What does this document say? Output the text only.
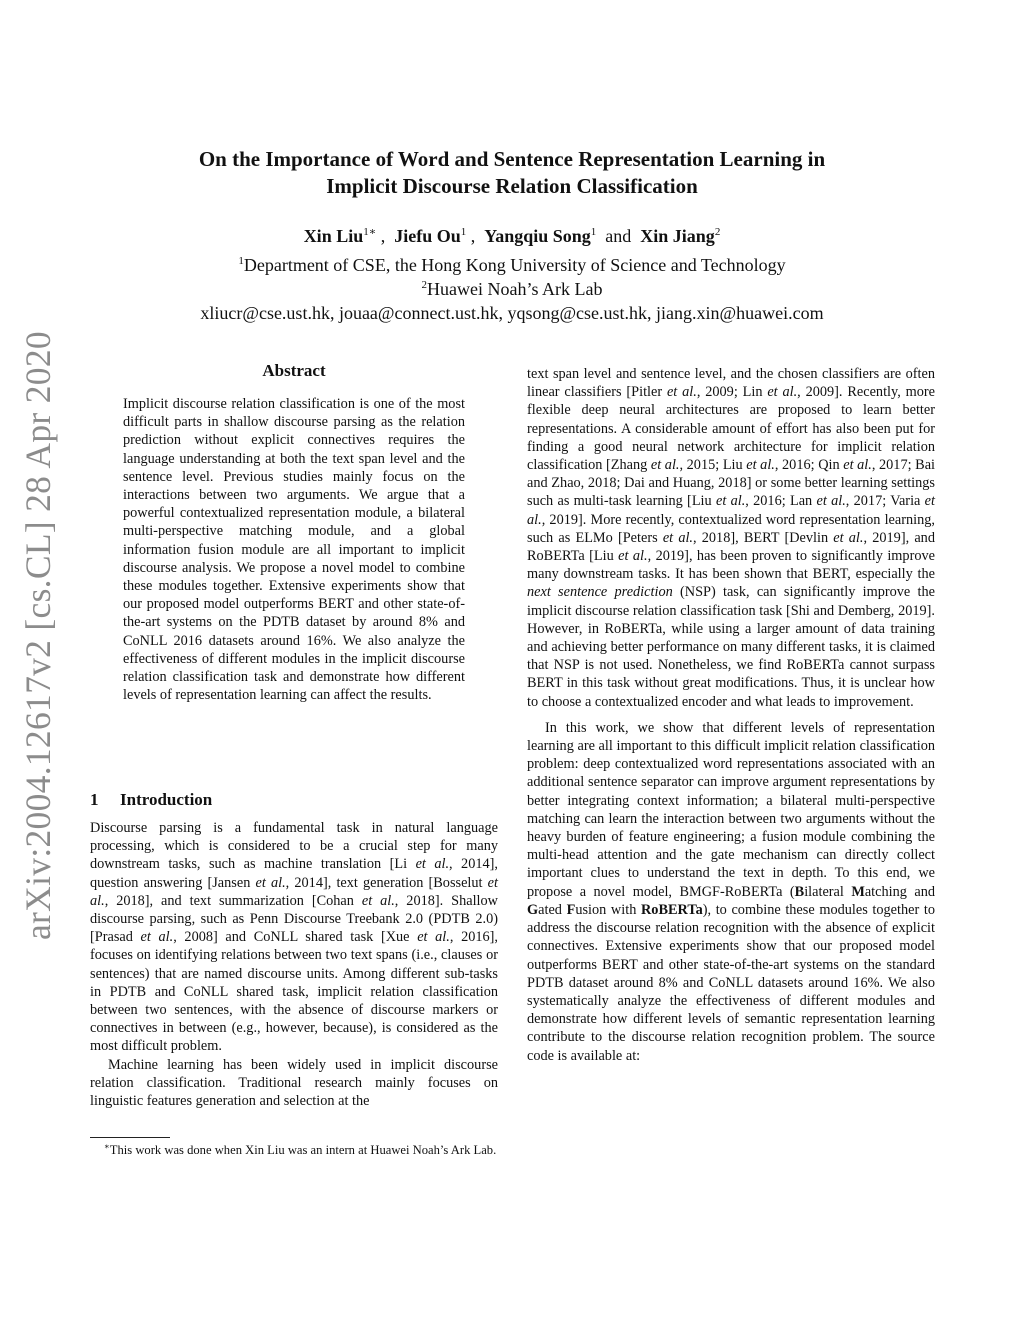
arXiv:2004.12617v2 [cs.CL] 28 Apr 2020
On the Importance of Word and Sentence Representation Learning in
Implicit Discourse Relation Classification
Xin Liu$^{1∗}$ , Jiefu Ou$^1$ , Yangqiu Song$^1$ and Xin Jiang$^2$
$^1$Department of CSE, the Hong Kong University of Science and Technology
$^2$Huawei Noah’s Ark Lab
xliucr@cse.ust.hk, jouaa@connect.ust.hk, yqsong@cse.ust.hk, jiang.xin@huawei.com
Abstract
Implicit discourse relation classification is one of the most difficult parts in shallow discourse parsing as the relation prediction without explicit connectives requires the language understanding at both the text span level and the sentence level. Previous studies mainly focus on the interactions between two arguments. We argue that a powerful contextualized representation module, a bilateral multi-perspective matching module, and a global information fusion module are all important to implicit discourse analysis. We propose a novel model to combine these modules together. Extensive experiments show that our proposed model outperforms BERT and other state-of-the-art systems on the PDTB dataset by around 8% and CoNLL 2016 datasets around 16%. We also analyze the effectiveness of different modules in the implicit discourse relation classification task and demonstrate how different levels of representation learning can affect the results.
1 Introduction

Discourse parsing is a fundamental task in natural language processing, which is considered to be a crucial step for many downstream tasks, such as machine translation [Li et al., 2014], question answering [Jansen et al., 2014], text generation [Bosselut et al., 2018], and text summarization [Cohan et al., 2018]. Shallow discourse parsing, such as Penn Discourse Treebank 2.0 (PDTB 2.0) [Prasad et al., 2008] and CoNLL shared task [Xue et al., 2016], focuses on identifying relations between two text spans (i.e., clauses or sentences) that are named discourse units. Among different sub-tasks in PDTB and CoNLL shared task, implicit relation classification between two sentences, with the absence of discourse markers or connectives in between (e.g., however, because), is considered as the most difficult problem.

Machine learning has been widely used in implicit discourse relation classification. Traditional research mainly focuses on linguistic features generation and selection at the

∗This work was done when Xin Liu was an intern at Huawei Noah’s Ark Lab.

text span level and sentence level, and the chosen classifiers are often linear classifiers [Pitler et al., 2009; Lin et al., 2009]. Recently, more flexible deep neural architectures are proposed to learn better representations. A considerable amount of effort has also been put for finding a good neural network architecture for implicit relation classification [Zhang et al., 2015; Liu et al., 2016; Qin et al., 2017; Bai and Zhao, 2018; Dai and Huang, 2018] or some better learning settings such as multi-task learning [Liu et al., 2016; Lan et al., 2017; Varia et al., 2019]. More recently, contextualized word representation learning, such as ELMo [Peters et al., 2018], BERT [Devlin et al., 2019], and RoBERTa [Liu et al., 2019], has been proven to significantly improve many downstream tasks. It has been shown that BERT, especially the next sentence prediction (NSP) task, can significantly improve the implicit discourse relation classification task [Shi and Demberg, 2019]. However, in RoBERTa, while using a larger amount of data training and achieving better performance on many different tasks, it is claimed that NSP is not used. Nonetheless, we find RoBERTa cannot surpass BERT in this task without great modifications. Thus, it is unclear how to choose a contextualized encoder and what leads to improvement.

In this work, we show that different levels of representation learning are all important to this difficult implicit relation classification problem: deep contextualized word representations associated with an additional sentence separator can improve argument representations by better integrating context information; a bilateral multi-perspective matching can learn the interaction between two arguments without the heavy burden of feature engineering; a fusion module combining the multi-head attention and the gate mechanism can directly collect important clues to understand the text in depth. To this end, we propose a novel model, BMGF-RoBERTa (Bilateral Matching and Gated Fusion with RoBERTa), to combine these modules together to address the discourse relation recognition with the absence of explicit connectives. Extensive experiments show that our proposed model outperforms BERT and other state-of-the-art systems on the standard PDTB dataset around 8% and CoNLL datasets around 16%. We also systematically analyze the effectiveness of different modules and demonstrate how different levels of semantic representation learning contribute to the discourse relation recognition problem. The source code is available at:
